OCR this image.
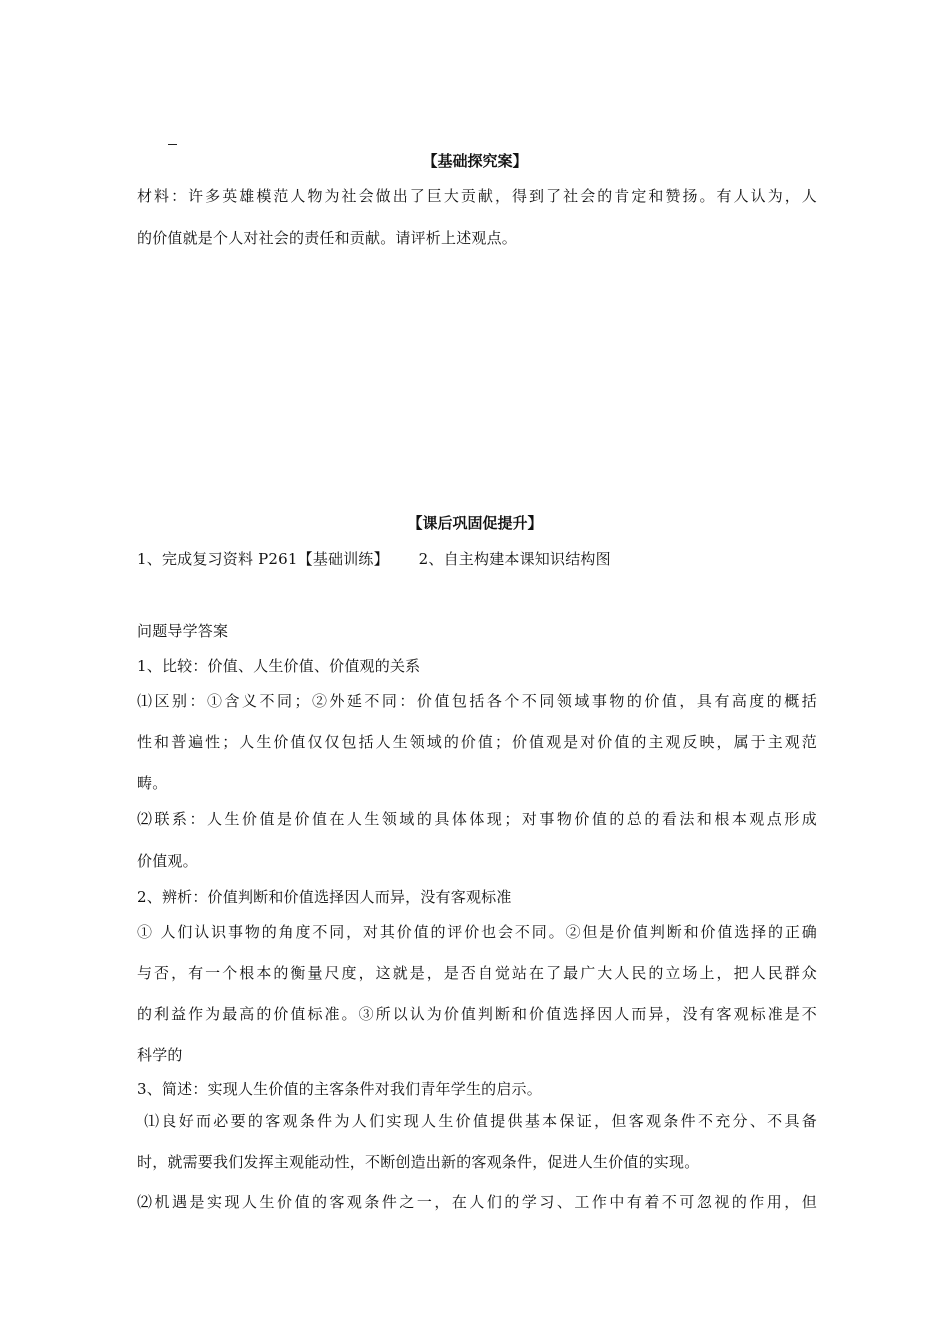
【基础探究案】
材料：许多英雄模范人物为社会做出了巨大贡献，得到了社会的肯定和赞扬。有人认为，人
的价值就是个人对社会的责任和贡献。请评析上述观点。
【课后巩固促提升】
1、完成复习资料 P261【基础训练】      2、自主构建本课知识结构图
问题导学答案
1、比较：价值、人生价值、价值观的关系
⑴区别：①含义不同；②外延不同：价值包括各个不同领域事物的价值，具有高度的概括
性和普遍性；人生价值仅仅包括人生领域的价值；价值观是对价值的主观反映，属于主观范
畴。
⑵联系：人生价值是价值在人生领域的具体体现；对事物价值的总的看法和根本观点形成
价值观。
2、辨析：价值判断和价值选择因人而异，没有客观标准
① 人们认识事物的角度不同，对其价值的评价也会不同。②但是价值判断和价值选择的正确
与否，有一个根本的衡量尺度，这就是，是否自觉站在了最广大人民的立场上，把人民群众
的利益作为最高的价值标准。③所以认为价值判断和价值选择因人而异，没有客观标准是不
科学的
3、简述：实现人生价值的主客条件对我们青年学生的启示。
⑴良好而必要的客观条件为人们实现人生价值提供基本保证，但客观条件不充分、不具备
时，就需要我们发挥主观能动性，不断创造出新的客观条件，促进人生价值的实现。
⑵机遇是实现人生价值的客观条件之一，在人们的学习、工作中有着不可忽视的作用，但
